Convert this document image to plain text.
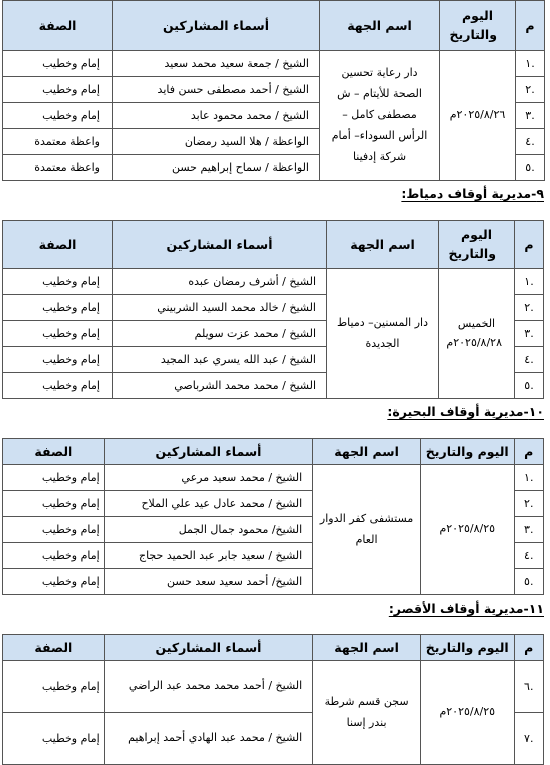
م	اليوم والتاريخ	اسم الجهة	أسماء المشاركين	الصفة
.١	٢٠٢٥/٨/٢٦م	دار رعاية تحسين الصحة للأيتام – ش مصطفى كامل –الرأس السوداء– أمام شركة إدفينا	الشيخ / جمعة سعيد محمد سعيد	إمام وخطيب
.٢			الشيخ / أحمد مصطفى حسن فايد	إمام وخطيب
.٣			الشيخ / محمد محمود عابد	إمام وخطيب
.٤			الواعظة / هلا السيد رمضان	واعظة معتمدة
.٥			الواعظة / سماح إبراهيم حسن	واعظة معتمدة
٩-مديرية أوقاف دمياط:
م	اليوم والتاريخ	اسم الجهة	أسماء المشاركين	الصفة
.١	الخميس ٢٠٢٥/٨/٢٨م	دار المسنين– دمياط الجديدة	الشيخ / أشرف رمضان عبده	إمام وخطيب
.٢			الشيخ / خالد محمد السيد الشربيني	إمام وخطيب
.٣			الشيخ / محمد عزت سويلم	إمام وخطيب
.٤			الشيخ / عبد الله يسري عبد المجيد	إمام وخطيب
.٥			الشيخ / محمد محمد الشرباصي	إمام وخطيب
١٠-مديرية أوقاف البحيرة:
م	اليوم والتاريخ	اسم الجهة	أسماء المشاركين	الصفة
.١	٢٠٢٥/٨/٢٥م	مستشفى كفر الدوار العام	الشيخ / محمد سعيد مرعي	إمام وخطيب
.٢			الشيخ / محمد عادل عيد علي الملاح	إمام وخطيب
.٣			الشيخ/ محمود جمال الجمل	إمام وخطيب
.٤			الشيخ / سعيد جابر عبد الحميد حجاج	إمام وخطيب
.٥			الشيخ/ أحمد سعيد سعد حسن	إمام وخطيب
١١-مديرية أوقاف الأقصر:
م	اليوم والتاريخ	اسم الجهة	أسماء المشاركين	الصفة
.٦	٢٠٢٥/٨/٢٥م	سجن قسم شرطة بندر إسنا	الشيخ / أحمد محمد محمد عبد الراضي	إمام وخطيب
.٧			الشيخ / محمد عبد الهادي أحمد إبراهيم	إمام وخطيب
